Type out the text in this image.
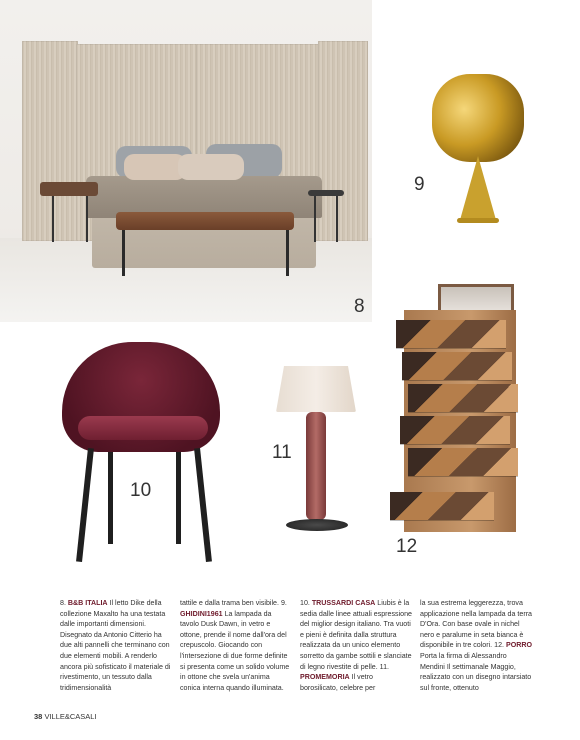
8
9
10
11
12

8. B&B ITALIA Il letto Dike della collezione Maxalto ha una testata dalle importanti dimensioni. Disegnato da Antonio Citterio ha due alti pannelli che terminano con due elementi mobili. A renderlo ancora più sofisticato il materiale di rivestimento, un tessuto dalla tridimensionalità

tattile e dalla trama ben visibile. 9. GHIDINI1961 La lampada da tavolo Dusk Dawn, in vetro e ottone, prende il nome dall'ora del crepuscolo. Giocando con l'intersezione di due forme definite si presenta come un solido volume in ottone che svela un'anima conica interna quando illuminata.

10. TRUSSARDI CASA Liubis è la sedia dalle linee attuali espressione del miglior design italiano. Tra vuoti e pieni è definita dalla struttura realizzata da un unico elemento sorretto da gambe sottili e slanciate di legno rivestite di pelle. 11. PROMEMORIA Il vetro borosilicato, celebre per

la sua estrema leggerezza, trova applicazione nella lampada da terra D'Ora. Con base ovale in nichel nero e paralume in seta bianca è disponibile in tre colori. 12. PORRO Porta la firma di Alessandro Mendini Il settimanale Maggio, realizzato con un disegno intarsiato sul fronte, ottenuto

38 VILLE&CASALI
